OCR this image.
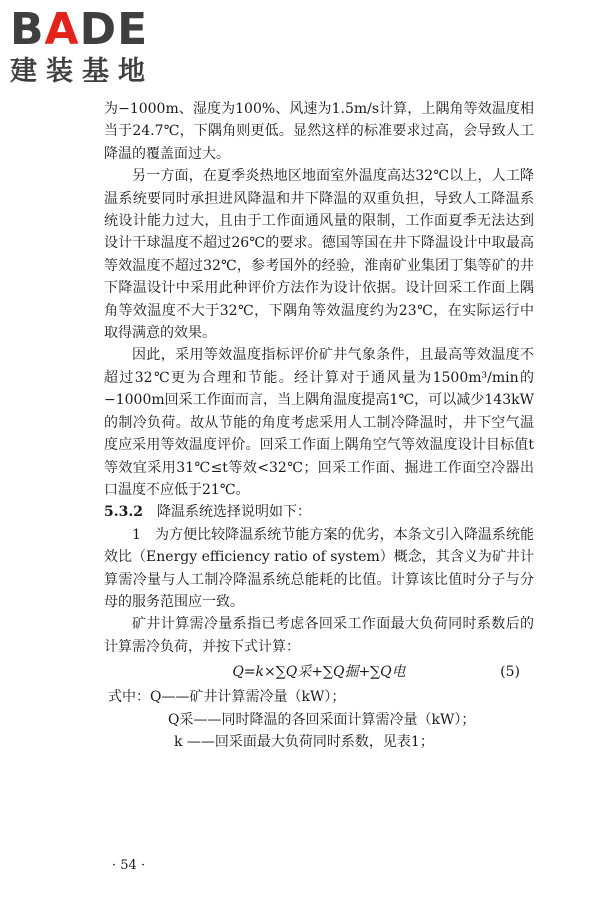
BADE
建装基地

为−1000m、湿度为100%、风速为1.5m/s计算，上隅角等效温度相当于24.7℃，下隅角则更低。显然这样的标准要求过高，会导致人工降温的覆盖面过大。

另一方面，在夏季炎热地区地面室外温度高达32℃以上，人工降温系统要同时承担进风降温和井下降温的双重负担，导致人工降温系统设计能力过大，且由于工作面通风量的限制，工作面夏季无法达到设计干球温度不超过26℃的要求。德国等国在井下降温设计中取最高等效温度不超过32℃，参考国外的经验，淮南矿业集团丁集等矿的井下降温设计中采用此种评价方法作为设计依据。设计回采工作面上隅角等效温度不大于32℃，下隅角等效温度约为23℃，在实际运行中取得满意的效果。

因此，采用等效温度指标评价矿井气象条件，且最高等效温度不超过32℃更为合理和节能。经计算对于通风量为1500m³/min的−1000m回采工作面而言，当上隅角温度提高1℃，可以减少143kW的制冷负荷。故从节能的角度考虑采用人工制冷降温时，井下空气温度应采用等效温度评价。回采工作面上隅角空气等效温度设计目标值t等效宜采用31℃≤t等效<32℃；回采工作面、掘进工作面空冷器出口温度不应低于21℃。

5.3.2 降温系统选择说明如下：

1　为方便比较降温系统节能方案的优劣，本条文引入降温系统能效比（Energy efficiency ratio of system）概念，其含义为矿井计算需冷量与人工制冷降温系统总能耗的比值。计算该比值时分子与分母的服务范围应一致。

矿井计算需冷量系指已考虑各回采工作面最大负荷同时系数后的计算需冷负荷，并按下式计算：

Q=k×∑Q采+∑Q掘+∑Q电	(5)

式中：Q——矿井计算需冷量（kW）；

Q采——同时降温的各回采面计算需冷量（kW）；

k ——回采面最大负荷同时系数，见表1；

· 54 ·
